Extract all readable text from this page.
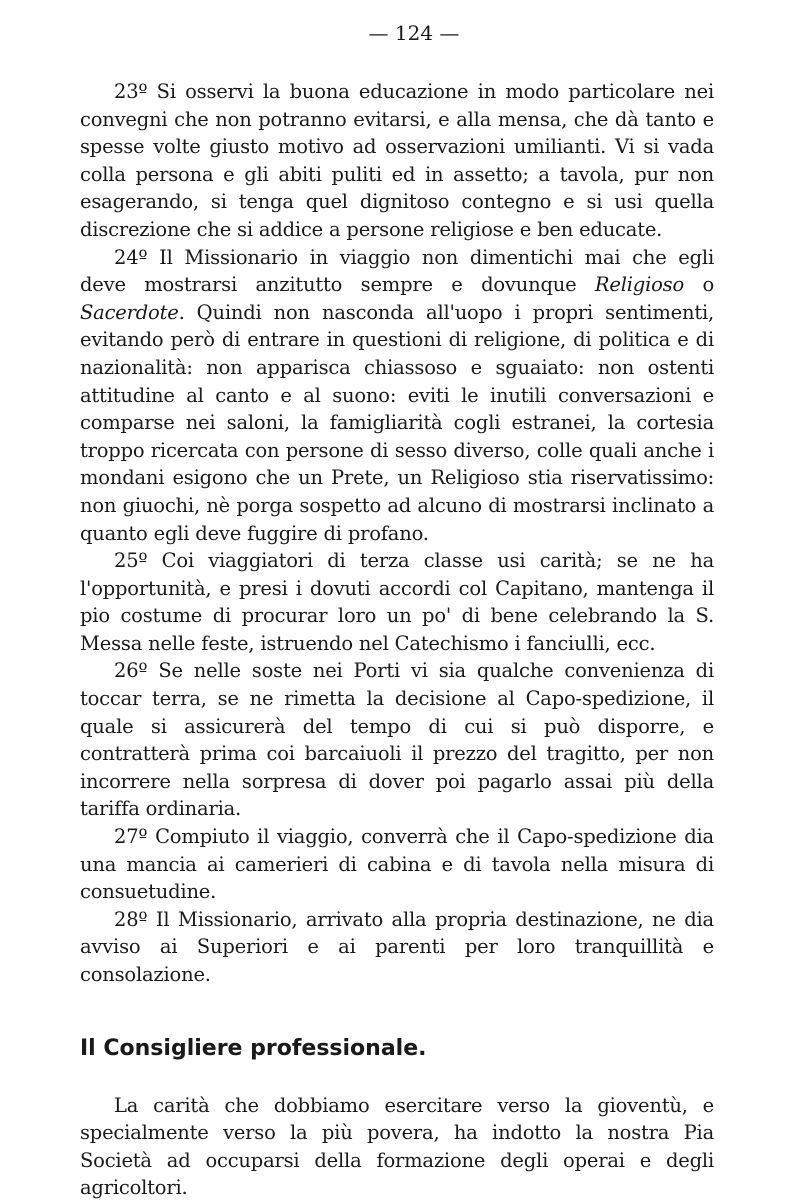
— 124 —

23º Si osservi la buona educazione in modo particolare nei convegni che non potranno evitarsi, e alla mensa, che dà tanto e spesse volte giusto motivo ad osservazioni umilianti. Vi si vada colla persona e gli abiti puliti ed in assetto; a tavola, pur non esagerando, si tenga quel dignitoso contegno e si usi quella discrezione che si addice a persone religiose e ben educate.

24º Il Missionario in viaggio non dimentichi mai che egli deve mostrarsi anzitutto sempre e dovunque Religioso o Sacerdote. Quindi non nasconda all'uopo i propri sentimenti, evitando però di entrare in questioni di religione, di politica e di nazionalità: non apparisca chiassoso e sguaiato: non ostenti attitudine al canto e al suono: eviti le inutili conversazioni e comparse nei saloni, la famigliarità cogli estranei, la cortesia troppo ricercata con persone di sesso diverso, colle quali anche i mondani esigono che un Prete, un Religioso stia riservatissimo: non giuochi, nè porga sospetto ad alcuno di mostrarsi inclinato a quanto egli deve fuggire di profano.

25º Coi viaggiatori di terza classe usi carità; se ne ha l'opportunità, e presi i dovuti accordi col Capitano, mantenga il pio costume di procurar loro un po' di bene celebrando la S. Messa nelle feste, istruendo nel Catechismo i fanciulli, ecc.

26º Se nelle soste nei Porti vi sia qualche convenienza di toccar terra, se ne rimetta la decisione al Capo-spedizione, il quale si assicurerà del tempo di cui si può disporre, e contratterà prima coi barcaiuoli il prezzo del tragitto, per non incorrere nella sorpresa di dover poi pagarlo assai più della tariffa ordinaria.

27º Compiuto il viaggio, converrà che il Capo-spedizione dia una mancia ai camerieri di cabina e di tavola nella misura di consuetudine.

28º Il Missionario, arrivato alla propria destinazione, ne dia avviso ai Superiori e ai parenti per loro tranquillità e consolazione.

Il Consigliere professionale.

La carità che dobbiamo esercitare verso la gioventù, e specialmente verso la più povera, ha indotto la nostra Pia Società ad occuparsi della formazione degli operai e degli agricoltori.
